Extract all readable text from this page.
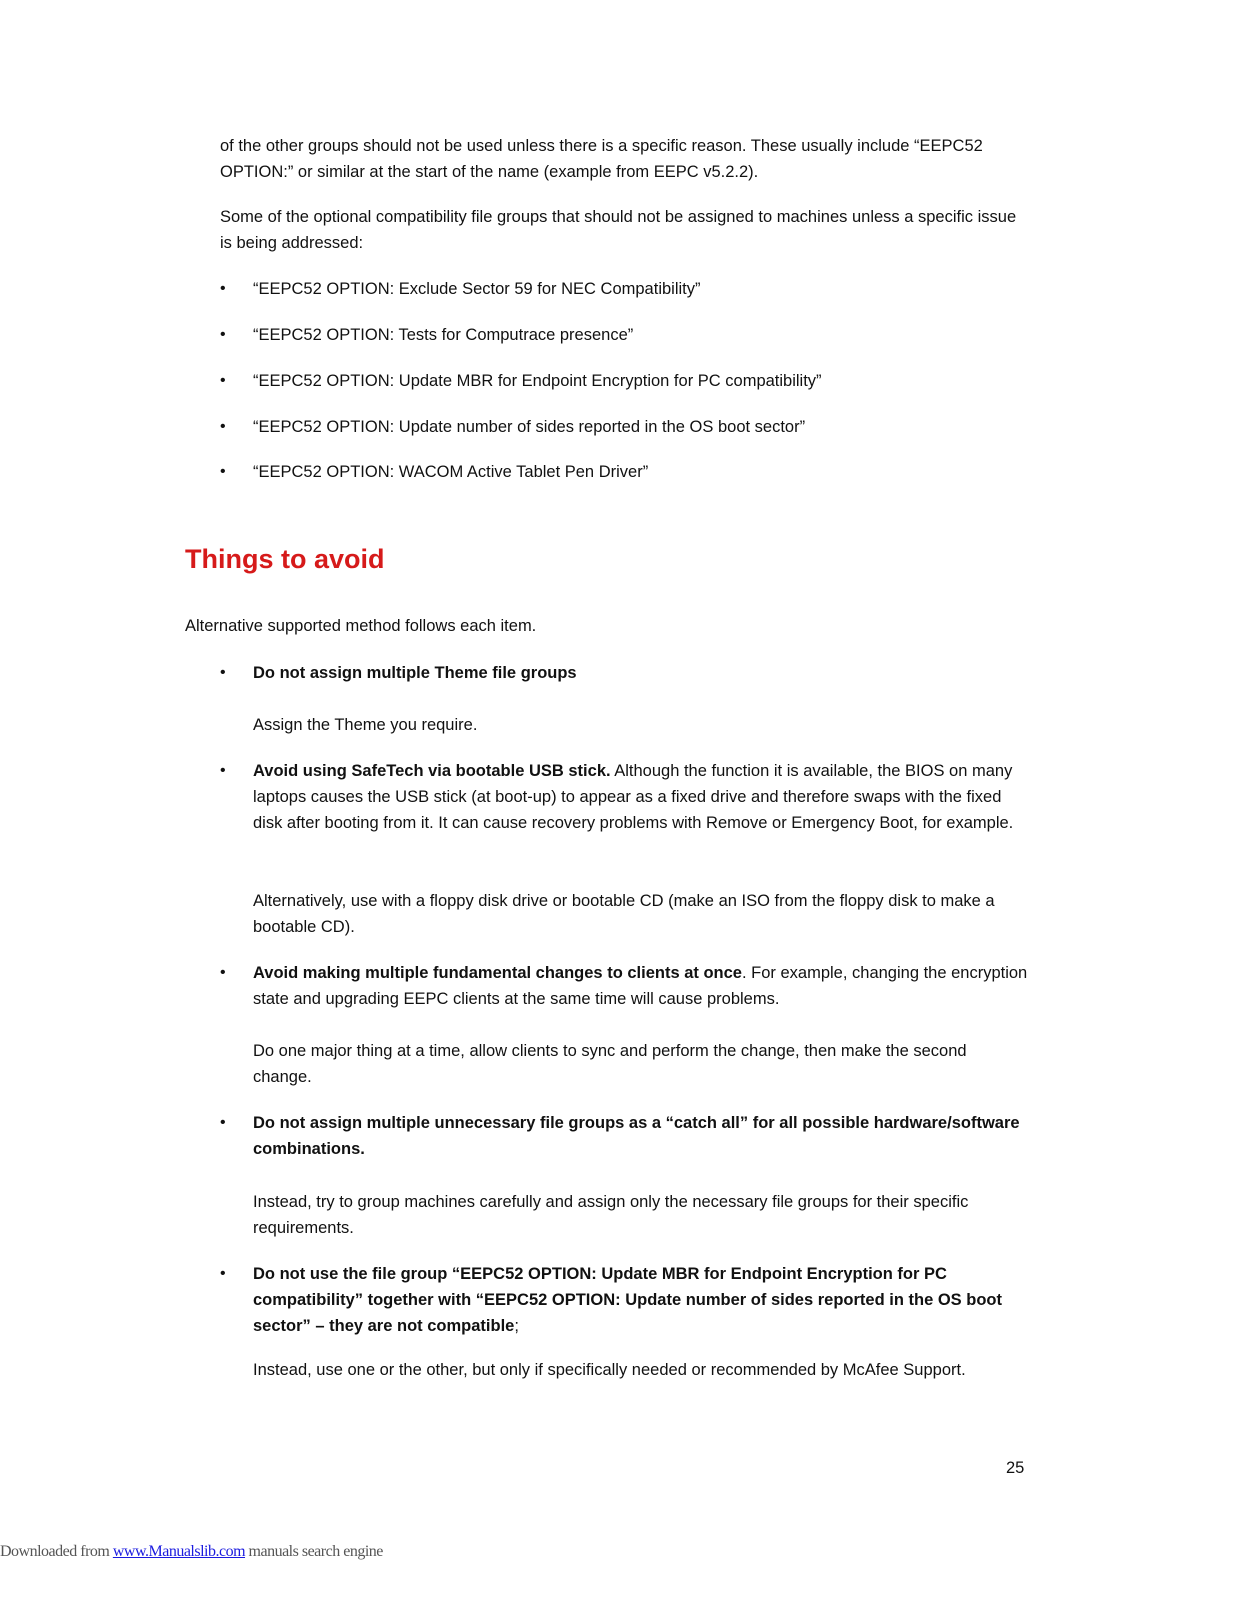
of the other groups should not be used unless there is a specific reason. These usually include “EEPC52 OPTION:” or similar at the start of the name (example from EEPC v5.2.2).

Some of the optional compatibility file groups that should not be assigned to machines unless a specific issue is being addressed:

• “EEPC52 OPTION: Exclude Sector 59 for NEC Compatibility”

• “EEPC52 OPTION: Tests for Computrace presence”

• “EEPC52 OPTION: Update MBR for Endpoint Encryption for PC compatibility”

• “EEPC52 OPTION: Update number of sides reported in the OS boot sector”

• “EEPC52 OPTION: WACOM Active Tablet Pen Driver”

Things to avoid

Alternative supported method follows each item.

• Do not assign multiple Theme file groups

Assign the Theme you require.

• Avoid using SafeTech via bootable USB stick. Although the function it is available, the BIOS on many laptops causes the USB stick (at boot-up) to appear as a fixed drive and therefore swaps with the fixed disk after booting from it. It can cause recovery problems with Remove or Emergency Boot, for example.

Alternatively, use with a floppy disk drive or bootable CD (make an ISO from the floppy disk to make a bootable CD).

• Avoid making multiple fundamental changes to clients at once. For example, changing the encryption state and upgrading EEPC clients at the same time will cause problems.

Do one major thing at a time, allow clients to sync and perform the change, then make the second change.

• Do not assign multiple unnecessary file groups as a “catch all” for all possible hardware/software combinations.

Instead, try to group machines carefully and assign only the necessary file groups for their specific requirements.

• Do not use the file group “EEPC52 OPTION: Update MBR for Endpoint Encryption for PC compatibility” together with “EEPC52 OPTION: Update number of sides reported in the OS boot sector” – they are not compatible;

Instead, use one or the other, but only if specifically needed or recommended by McAfee Support.

25
Downloaded from www.Manualslib.com manuals search engine
